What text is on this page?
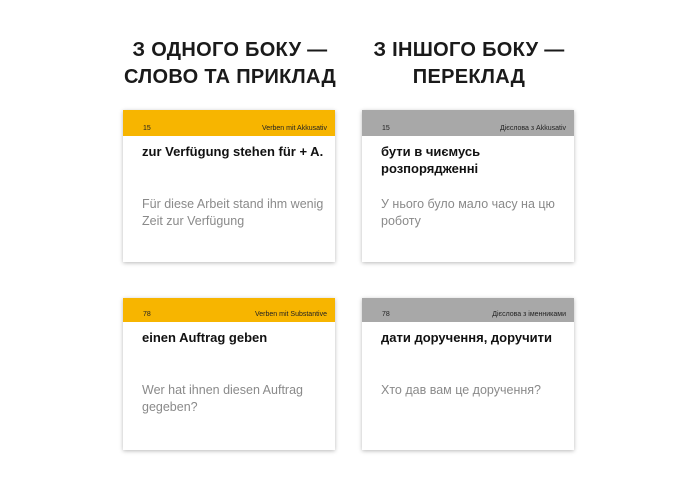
З ОДНОГО БОКУ —
СЛОВО ТА ПРИКЛАД
З ІНШОГО БОКУ —
ПЕРЕКЛАД
15	Verben mit Akkusativ
zur Verfügung stehen für + A.
Für diese Arbeit stand ihm wenig Zeit zur Verfügung
15	Дієслова з Akkusativ
бути в чиємусь розпорядженні
У нього було мало часу на цю роботу
78	Verben mit Substantive
einen Auftrag geben
Wer hat ihnen diesen Auftrag gegeben?
78	Дієслова з іменниками
дати доручення, доручити
Хто дав вам це доручення?
